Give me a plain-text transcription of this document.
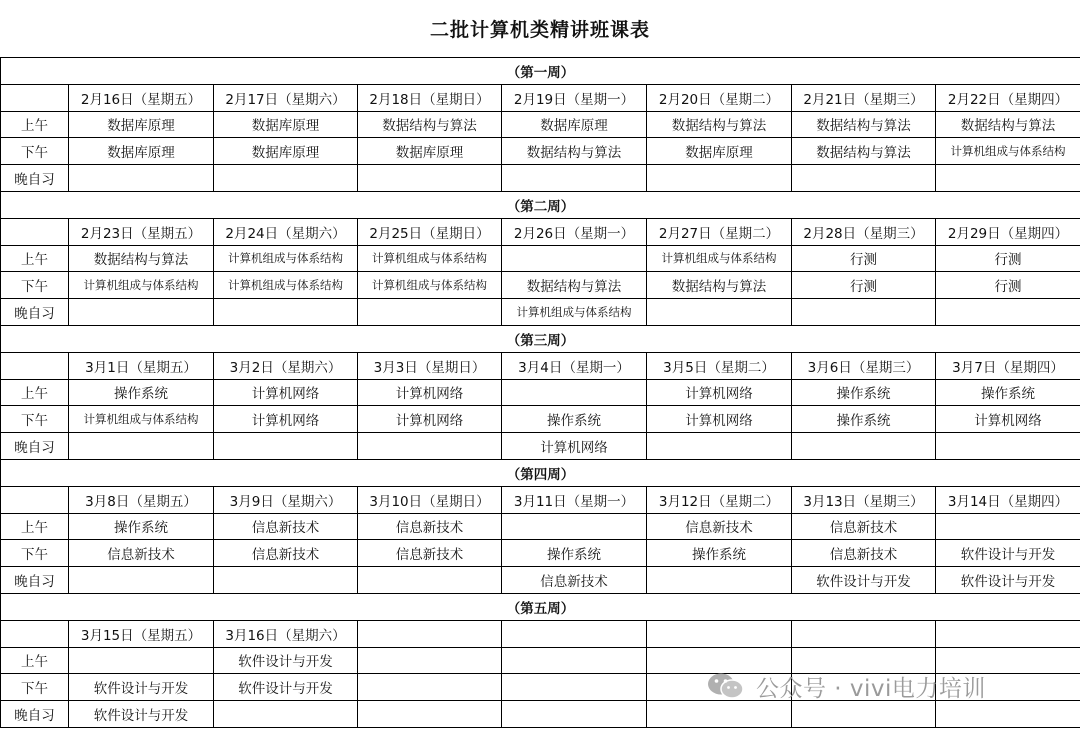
二批计算机类精讲班课表
（第一周）							
	2月16日（星期五）	2月17日（星期六）	2月18日（星期日）	2月19日（星期一）	2月20日（星期二）	2月21日（星期三）	2月22日（星期四）
上午	数据库原理	数据库原理	数据结构与算法	数据库原理	数据结构与算法	数据结构与算法	数据结构与算法
下午	数据库原理	数据库原理	数据库原理	数据结构与算法	数据库原理	数据结构与算法	计算机组成与体系结构
晚自习							
（第二周）							
	2月23日（星期五）	2月24日（星期六）	2月25日（星期日）	2月26日（星期一）	2月27日（星期二）	2月28日（星期三）	2月29日（星期四）
上午	数据结构与算法	计算机组成与体系结构	计算机组成与体系结构		计算机组成与体系结构	行测	行测
下午	计算机组成与体系结构	计算机组成与体系结构	计算机组成与体系结构	数据结构与算法	数据结构与算法	行测	行测
晚自习				计算机组成与体系结构			
（第三周）							
	3月1日（星期五）	3月2日（星期六）	3月3日（星期日）	3月4日（星期一）	3月5日（星期二）	3月6日（星期三）	3月7日（星期四）
上午	操作系统	计算机网络	计算机网络		计算机网络	操作系统	操作系统
下午	计算机组成与体系结构	计算机网络	计算机网络	操作系统	计算机网络	操作系统	计算机网络
晚自习				计算机网络			
（第四周）							
	3月8日（星期五）	3月9日（星期六）	3月10日（星期日）	3月11日（星期一）	3月12日（星期二）	3月13日（星期三）	3月14日（星期四）
上午	操作系统	信息新技术	信息新技术		信息新技术	信息新技术	
下午	信息新技术	信息新技术	信息新技术	操作系统	操作系统	信息新技术	软件设计与开发
晚自习				信息新技术		软件设计与开发	软件设计与开发
（第五周）							
	3月15日（星期五）	3月16日（星期六）					
上午		软件设计与开发					
下午	软件设计与开发	软件设计与开发					
晚自习	软件设计与开发						
公众号 · vivi电力培训
